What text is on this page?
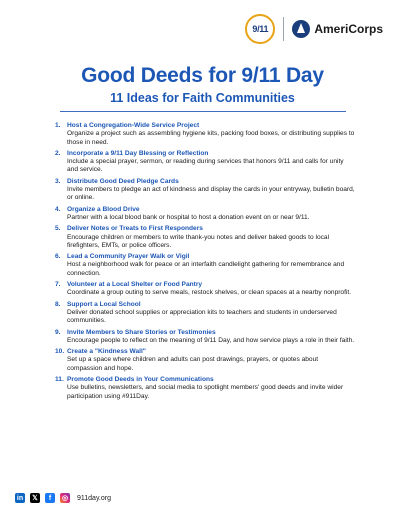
9/11	AmeriCorps
Good Deeds for 9/11 Day
11 Ideas for Faith Communities
1. Host a Congregation-Wide Service Project
Organize a project such as assembling hygiene kits, packing food boxes, or distributing supplies to those in need.
2. Incorporate a 9/11 Day Blessing or Reflection
Include a special prayer, sermon, or reading during services that honors 9/11 and calls for unity and service.
3. Distribute Good Deed Pledge Cards
Invite members to pledge an act of kindness and display the cards in your entryway, bulletin board, or online.
4. Organize a Blood Drive
Partner with a local blood bank or hospital to host a donation event on or near 9/11.
5. Deliver Notes or Treats to First Responders
Encourage children or members to write thank-you notes and deliver baked goods to local firefighters, EMTs, or police officers.
6. Lead a Community Prayer Walk or Vigil
Host a neighborhood walk for peace or an interfaith candlelight gathering for remembrance and connection.
7. Volunteer at a Local Shelter or Food Pantry
Coordinate a group outing to serve meals, restock shelves, or clean spaces at a nearby nonprofit.
8. Support a Local School
Deliver donated school supplies or appreciation kits to teachers and students in underserved communities.
9. Invite Members to Share Stories or Testimonies
Encourage people to reflect on the meaning of 9/11 Day, and how service plays a role in their faith.
10. Create a "Kindness Wall"
Set up a space where children and adults can post drawings, prayers, or quotes about compassion and hope.
11. Promote Good Deeds in Your Communications
Use bulletins, newsletters, and social media to spotlight members' good deeds and invite wider participation using #911Day.
in	𝕏	f	◎ 911day.org
